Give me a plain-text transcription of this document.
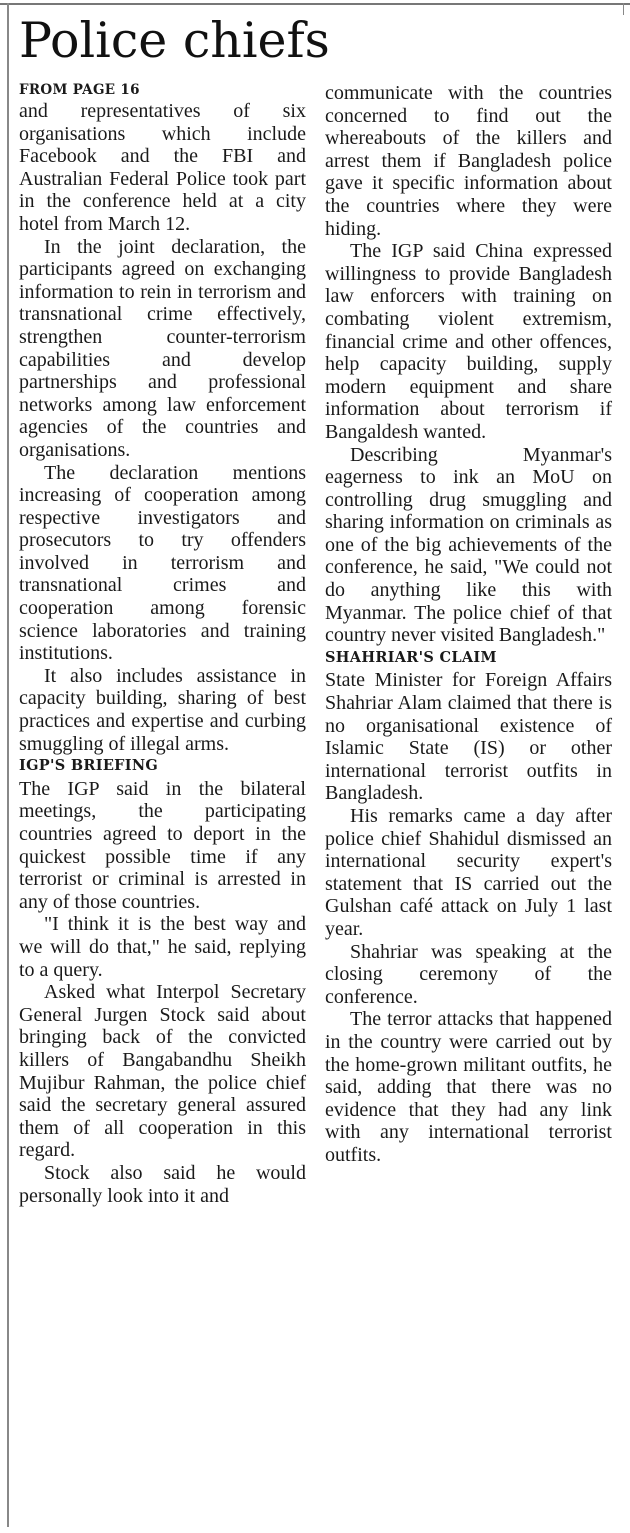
Police chiefs

FROM PAGE 16

and representatives of six organisations which include Facebook and the FBI and Australian Federal Police took part in the conference held at a city hotel from March 12.

In the joint declaration, the participants agreed on exchanging information to rein in terrorism and transnational crime effectively, strengthen counter-terrorism capabilities and develop partnerships and professional networks among law enforcement agencies of the countries and organisations.

The declaration mentions increasing of cooperation among respective investigators and prosecutors to try offenders involved in terrorism and transnational crimes and cooperation among forensic science laboratories and training institutions.

It also includes assistance in capacity building, sharing of best practices and expertise and curbing smuggling of illegal arms.

IGP'S BRIEFING

The IGP said in the bilateral meetings, the participating countries agreed to deport in the quickest possible time if any terrorist or criminal is arrested in any of those countries.

"I think it is the best way and we will do that," he said, replying to a query.

Asked what Interpol Secretary General Jurgen Stock said about bringing back of the convicted killers of Bangabandhu Sheikh Mujibur Rahman, the police chief said the secretary general assured them of all cooperation in this regard.

Stock also said he would personally look into it and

communicate with the countries concerned to find out the whereabouts of the killers and arrest them if Bangladesh police gave it specific information about the countries where they were hiding.

The IGP said China expressed willingness to provide Bangladesh law enforcers with training on combating violent extremism, financial crime and other offences, help capacity building, supply modern equipment and share information about terrorism if Bangaldesh wanted.

Describing Myanmar's eagerness to ink an MoU on controlling drug smuggling and sharing information on criminals as one of the big achievements of the conference, he said, "We could not do anything like this with Myanmar. The police chief of that country never visited Bangladesh."

SHAHRIAR'S CLAIM

State Minister for Foreign Affairs Shahriar Alam claimed that there is no organisational existence of Islamic State (IS) or other international terrorist outfits in Bangladesh.

His remarks came a day after police chief Shahidul dismissed an international security expert's statement that IS carried out the Gulshan café attack on July 1 last year.

Shahriar was speaking at the closing ceremony of the conference.

The terror attacks that happened in the country were carried out by the home-grown militant outfits, he said, adding that there was no evidence that they had any link with any international terrorist outfits.
